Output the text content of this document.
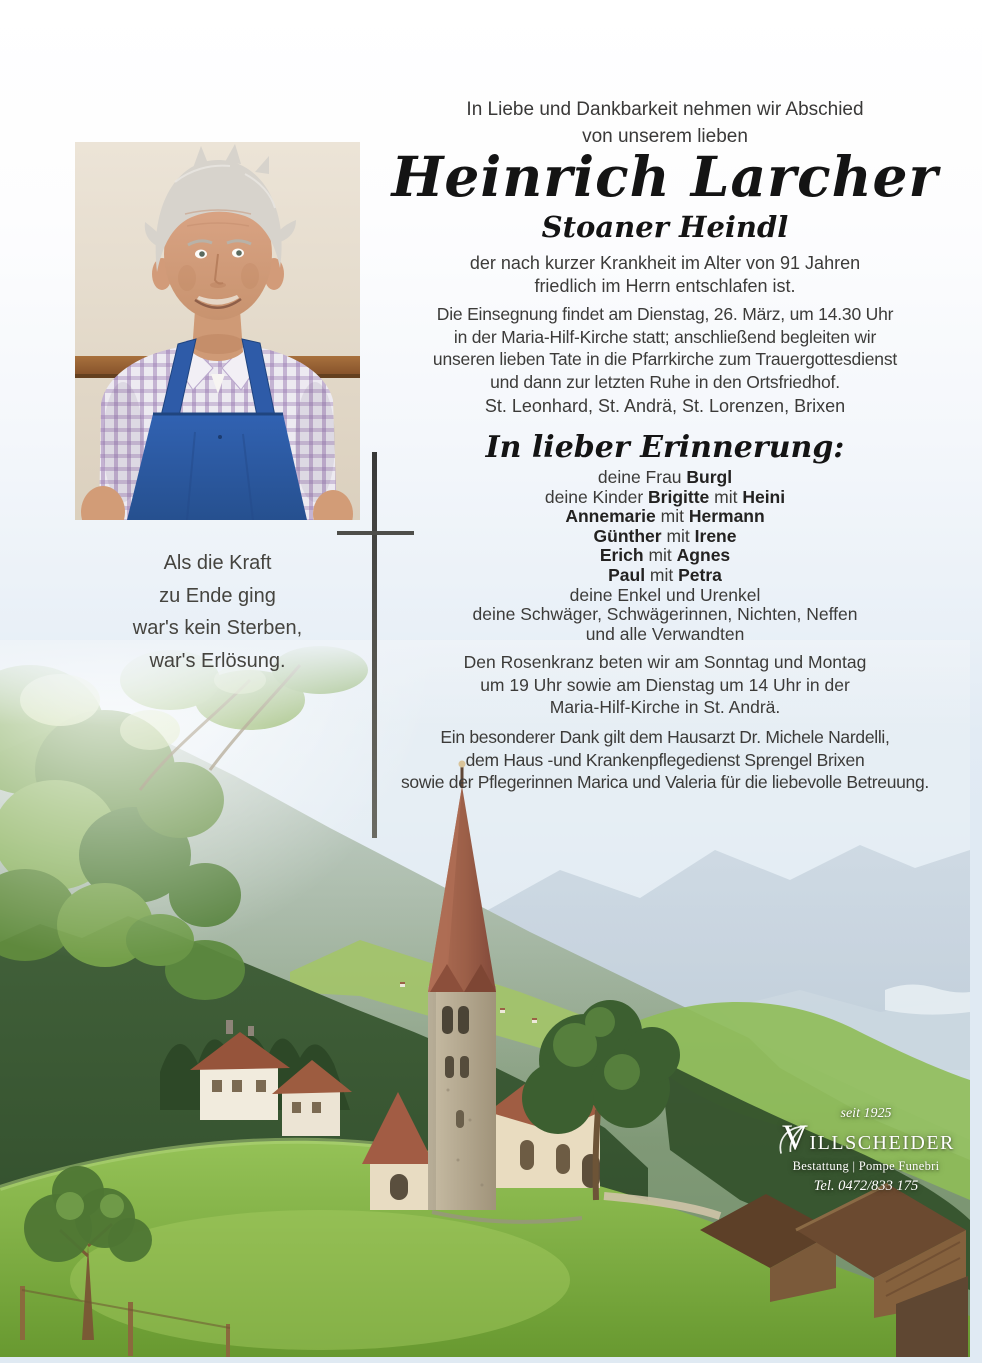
In Liebe und Dankbarkeit nehmen wir Abschied
von unserem lieben
Heinrich Larcher
Stoaner Heindl
der nach kurzer Krankheit im Alter von 91 Jahren
friedlich im Herrn entschlafen ist.
Die Einsegnung findet am Dienstag, 26. März, um 14.30 Uhr
in der Maria-Hilf-Kirche statt; anschließend begleiten wir
unseren lieben Tate in die Pfarrkirche zum Trauergottesdienst
und dann zur letzten Ruhe in den Ortsfriedhof.
St. Leonhard, St. Andrä, St. Lorenzen, Brixen
In lieber Erinnerung:
deine Frau Burgl
deine Kinder Brigitte mit Heini
Annemarie mit Hermann
Günther mit Irene
Erich mit Agnes
Paul mit Petra
deine Enkel und Urenkel
deine Schwäger, Schwägerinnen, Nichten, Neffen
und alle Verwandten
Den Rosenkranz beten wir am Sonntag und Montag
um 19 Uhr sowie am Dienstag um 14 Uhr in der
Maria-Hilf-Kirche in St. Andrä.
Ein besonderer Dank gilt dem Hausarzt Dr. Michele Nardelli,
dem Haus -und Krankenpflegedienst Sprengel Brixen
sowie der Pflegerinnen Marica und Valeria für die liebevolle Betreuung.
Als die Kraft
zu Ende ging
war's kein Sterben,
war's Erlösung.
seit 1925
VILLSCHEIDER
Bestattung | Pompe Funebri
Tel. 0472/833 175
